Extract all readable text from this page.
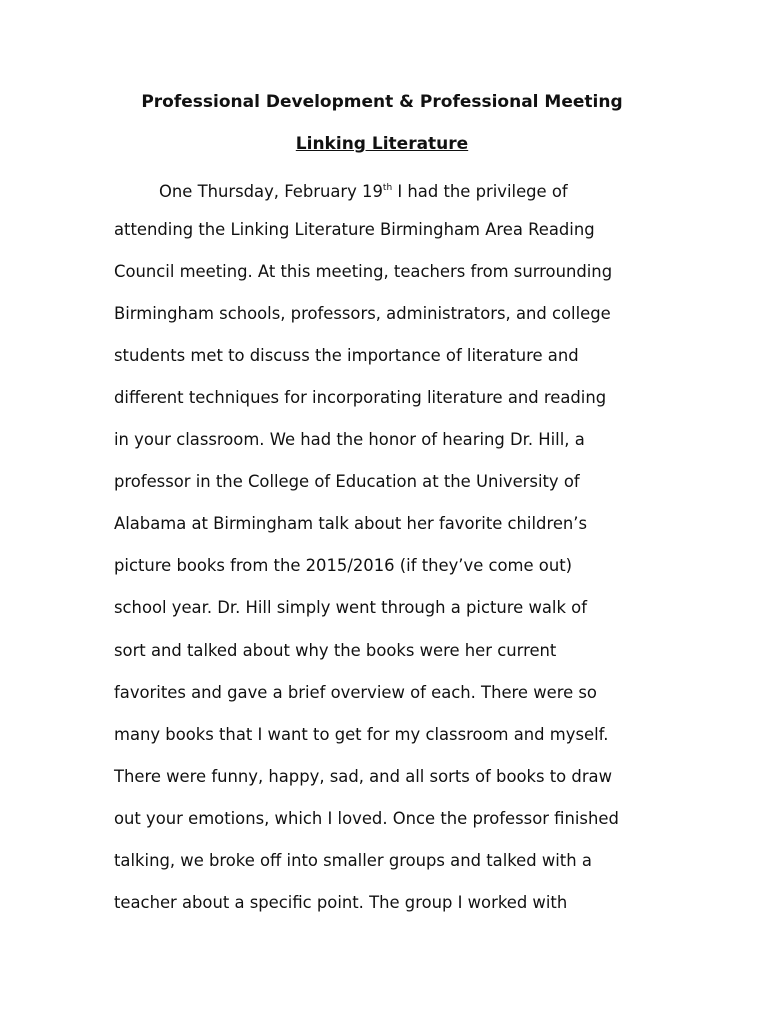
Professional Development & Professional Meeting
Linking Literature
One Thursday, February 19th I had the privilege of
attending the Linking Literature Birmingham Area Reading
Council meeting. At this meeting, teachers from surrounding
Birmingham schools, professors, administrators, and college
students met to discuss the importance of literature and
different techniques for incorporating literature and reading
in your classroom. We had the honor of hearing Dr. Hill, a
professor in the College of Education at the University of
Alabama at Birmingham talk about her favorite children’s
picture books from the 2015/2016 (if they’ve come out)
school year. Dr. Hill simply went through a picture walk of
sort and talked about why the books were her current
favorites and gave a brief overview of each. There were so
many books that I want to get for my classroom and myself.
There were funny, happy, sad, and all sorts of books to draw
out your emotions, which I loved. Once the professor finished
talking, we broke off into smaller groups and talked with a
teacher about a specific point. The group I worked with
